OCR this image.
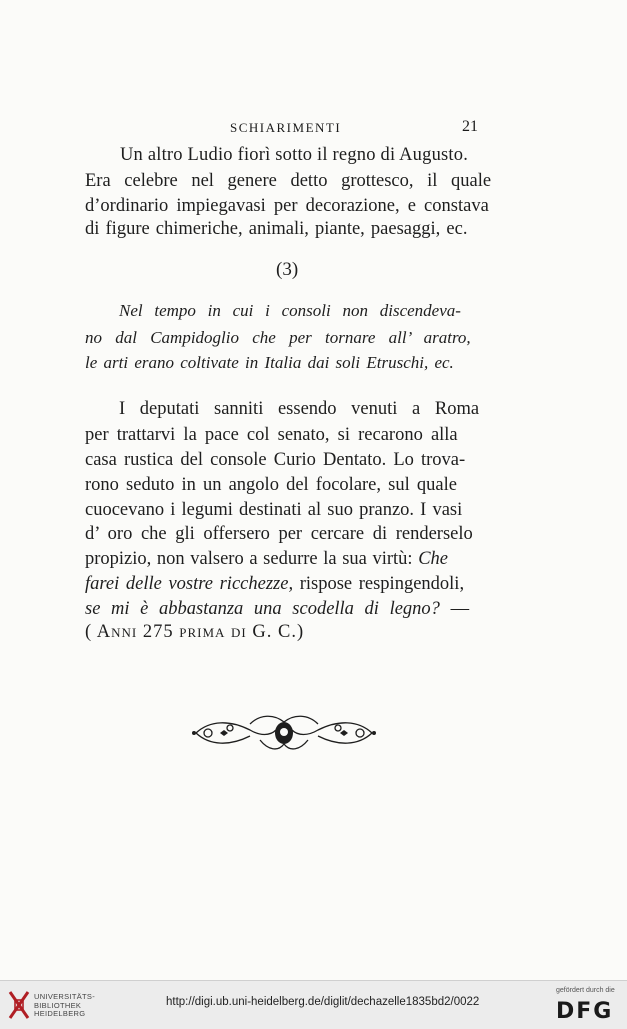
SCHIARIMENTI	21
Un altro Ludio fiorì sotto il regno di Augusto.
Era celebre nel genere detto grottesco, il quale
d’ordinario impiegavasi per decorazione, e constava
di figure chimeriche, animali, piante, paesaggi, ec.
(3)
Nel tempo in cui i consoli non discendeva-
no dal Campidoglio che per tornare all’ aratro,
le arti erano coltivate in Italia dai soli Etruschi, ec.
I deputati sanniti essendo venuti a Roma
per trattarvi la pace col senato, si recarono alla
casa rustica del console Curio Dentato. Lo trova-
rono seduto in un angolo del focolare, sul quale
cuocevano i legumi destinati al suo pranzo. I vasi
d’ oro che gli offersero per cercare di renderselo
propizio, non valsero a sedurre la sua virtù: Che
farei delle vostre ricchezze, rispose respingendoli,
se mi è abbastanza una scodella di legno? —
( Anni 275 prima di G. C.)
UNIVERSITÄTS-
BIBLIOTHEK
HEIDELBERG
http://digi.ub.uni-heidelberg.de/diglit/dechazelle1835bd2/0022
gefördert durch die
DFG
